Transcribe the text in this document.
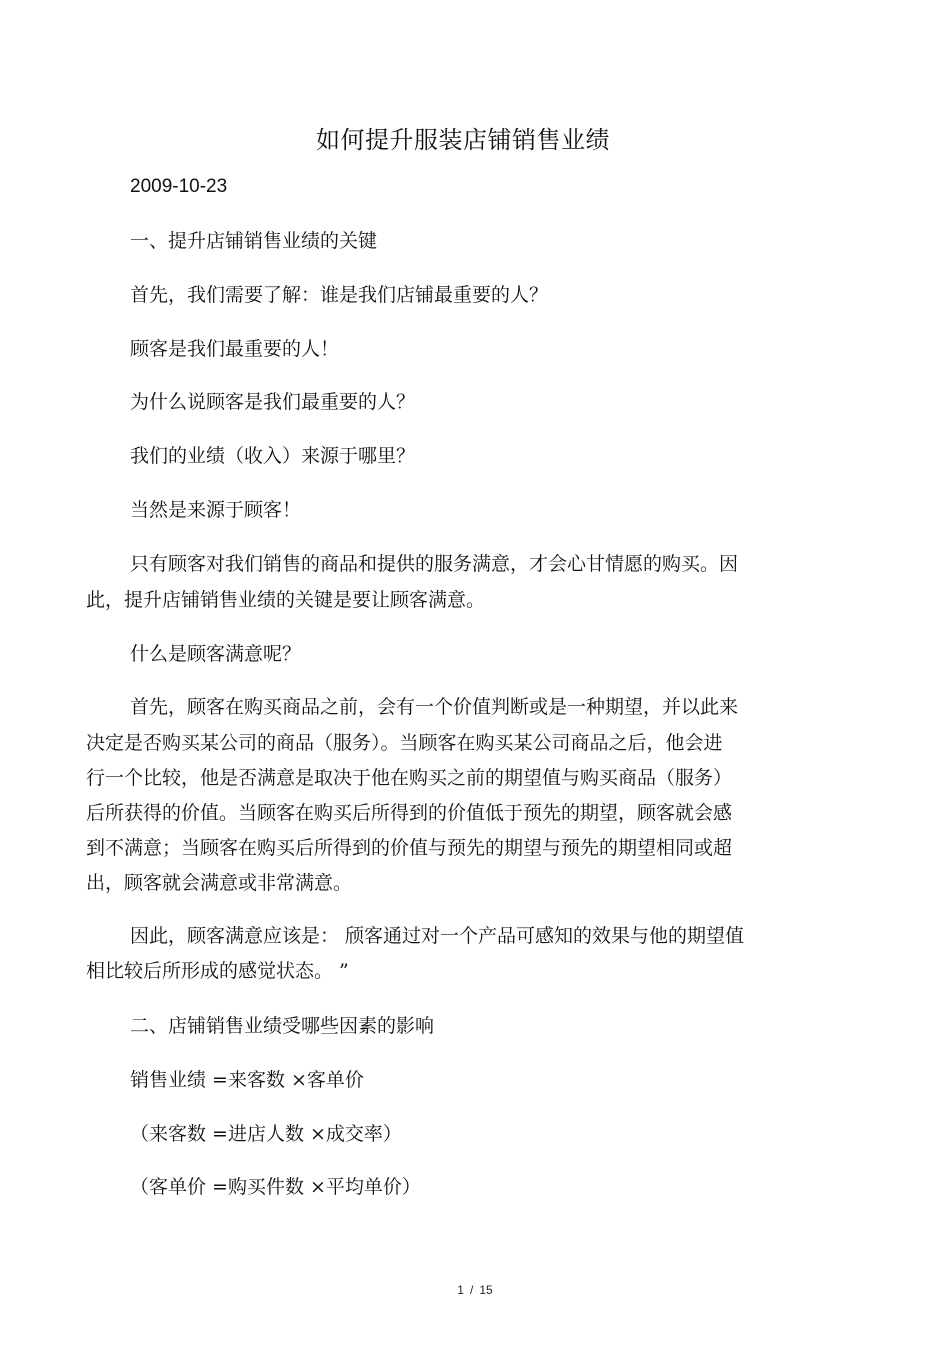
如何提升服装店铺销售业绩
2009-10-23
一、提升店铺销售业绩的关键
首先，我们需要了解：谁是我们店铺最重要的人？
顾客是我们最重要的人！
为什么说顾客是我们最重要的人？
我们的业绩（收入）来源于哪里？
当然是来源于顾客！
只有顾客对我们销售的商品和提供的服务满意，才会心甘情愿的购买。因
此，提升店铺销售业绩的关键是要让顾客满意。
什么是顾客满意呢？
首先，顾客在购买商品之前，会有一个价值判断或是一种期望，并以此来
决定是否购买某公司的商品（服务）。当顾客在购买某公司商品之后，他会进
行一个比较，他是否满意是取决于他在购买之前的期望值与购买商品（服务）
后所获得的价值。当顾客在购买后所得到的价值低于预先的期望，顾客就会感
到不满意；当顾客在购买后所得到的价值与预先的期望与预先的期望相同或超
出，顾客就会满意或非常满意。
因此，顾客满意应该是： 颀客通过对一个产品可感知的效果与他的期望值
相比较后所形成的感觉状态。 ”
二、店铺销售业绩受哪些因素的影响
销售业绩 =来客数 ×客单价
（来客数 =进店人数 ×成交率）
（客单价 =购买件数 ×平均单价）
1 / 15
